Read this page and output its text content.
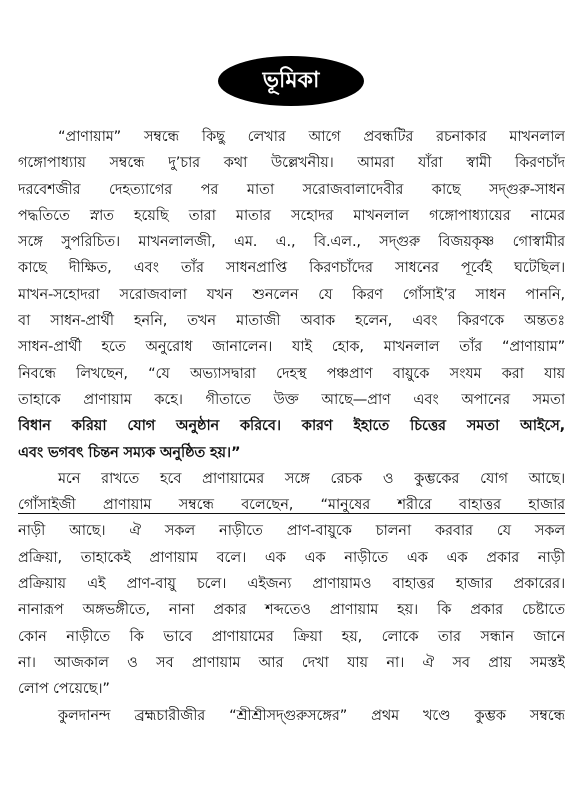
ভূমিকা
“প্রাণায়াম” সম্বন্ধে কিছু লেখার আগে প্রবন্ধটির রচনাকার মাখনলাল
গঙ্গোপাধ্যায় সম্বন্ধে দু’চার কথা উল্লেখনীয়। আমরা যাঁরা স্বামী কিরণচাঁদ
দরবেশজীর দেহত্যাগের পর মাতা সরোজবালাদেবীর কাছে সদ্‌গুরু-সাধন
পদ্ধতিতে স্নাত হয়েছি তারা মাতার সহোদর মাখনলাল গঙ্গোপাধ্যায়ের নামের
সঙ্গে সুপরিচিত। মাখনলালজী, এম. এ., বি.এল., সদ্‌গুরু বিজয়কৃষ্ণ গোস্বামীর
কাছে দীক্ষিত, এবং তাঁর সাধনপ্রাপ্তি কিরণচাঁদের সাধনের পূর্বেই ঘটেছিল।
মাখন-সহোদরা সরোজবালা যখন শুনলেন যে কিরণ গোঁসাই’র সাধন পাননি,
বা সাধন-প্রার্থী হননি, তখন মাতাজী অবাক হলেন, এবং কিরণকে অন্ততঃ
সাধন-প্রার্থী হতে অনুরোধ জানালেন। যাই হোক, মাখনলাল তাঁর “প্রাণায়াম”
নিবন্ধে লিখছেন, “যে অভ্যাসদ্বারা দেহস্থ পঞ্চপ্রাণ বায়ুকে সংযম করা যায়
তাহাকে প্রাণায়াম কহে। গীতাতে উক্ত আছে—প্রাণ এবং অপানের সমতা
বিধান করিয়া যোগ অনুষ্ঠান করিবে। কারণ ইহাতে চিত্তের সমতা আইসে,
এবং ভগবৎ চিন্তন সম্যক অনুষ্ঠিত হয়।”
মনে রাখতে হবে প্রাণায়ামের সঙ্গে রেচক ও কুম্ভকের যোগ আছে।
গোঁসাইজী প্রাণায়াম সম্বন্ধে বলেছেন, “মানুষের শরীরে বাহাত্তর হাজার
নাড়ী আছে। ঐ সকল নাড়ীতে প্রাণ-বায়ুকে চালনা করবার যে সকল
প্রক্রিয়া, তাহাকেই প্রাণায়াম বলে। এক এক নাড়ীতে এক এক প্রকার নাড়ী
প্রক্রিয়ায় এই প্রাণ-বায়ু চলে। এইজন্য প্রাণায়ামও বাহাত্তর হাজার প্রকারের।
নানারূপ অঙ্গভঙ্গীতে, নানা প্রকার শব্দতেও প্রাণায়াম হয়। কি প্রকার চেষ্টাতে
কোন নাড়ীতে কি ভাবে প্রাণায়ামের ক্রিয়া হয়, লোকে তার সন্ধান জানে
না। আজকাল ও সব প্রাণায়াম আর দেখা যায় না। ঐ সব প্রায় সমস্তই
লোপ পেয়েছে।”
কুলদানন্দ ব্রহ্মচারীজীর “শ্রীশ্রীসদ্‌গুরুসঙ্গের” প্রথম খণ্ডে কুম্ভক সম্বন্ধে
